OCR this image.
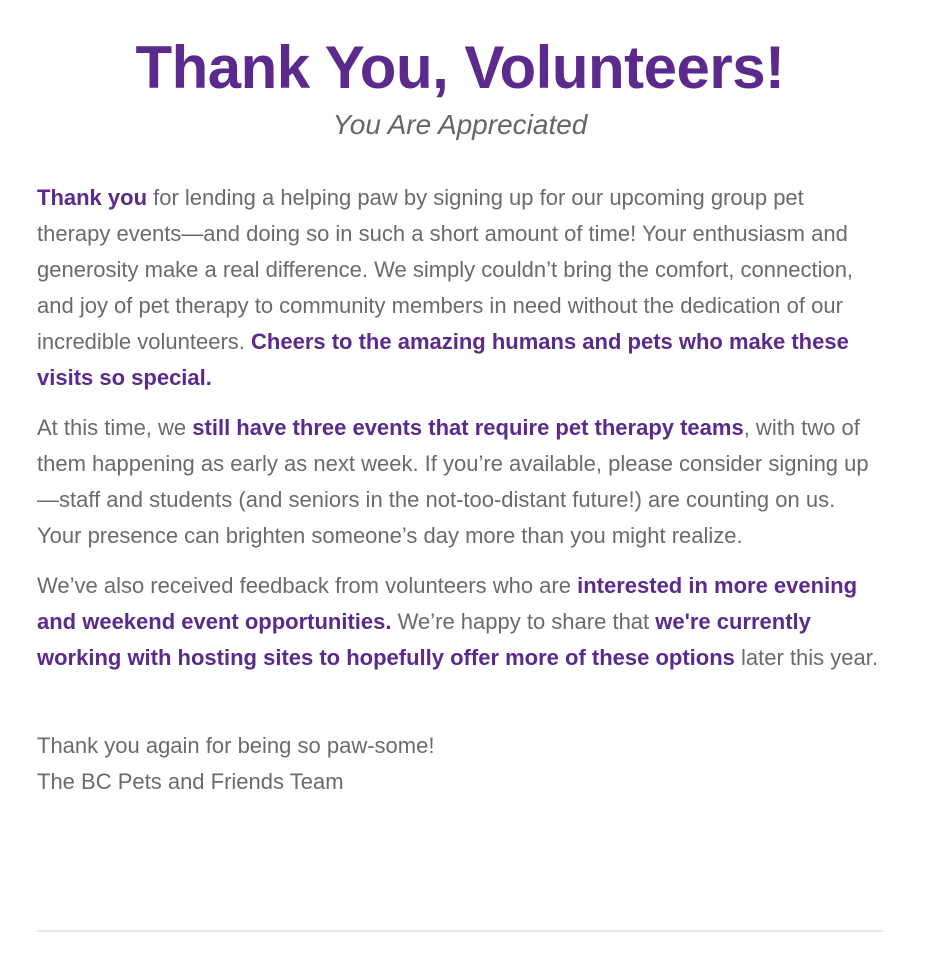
Thank You, Volunteers!

You Are Appreciated

Thank you for lending a helping paw by signing up for our upcoming group pet therapy events—and doing so in such a short amount of time! Your enthusiasm and generosity make a real difference. We simply couldn’t bring the comfort, connection, and joy of pet therapy to community members in need without the dedication of our incredible volunteers. Cheers to the amazing humans and pets who make these visits so special.

At this time, we still have three events that require pet therapy teams, with two of them happening as early as next week. If you’re available, please consider signing up—staff and students (and seniors in the not-too-distant future!) are counting on us. Your presence can brighten someone’s day more than you might realize.

We’ve also received feedback from volunteers who are interested in more evening and weekend event opportunities. We’re happy to share that we're currently working with hosting sites to hopefully offer more of these options later this year.

Thank you again for being so paw-some!
The BC Pets and Friends Team
